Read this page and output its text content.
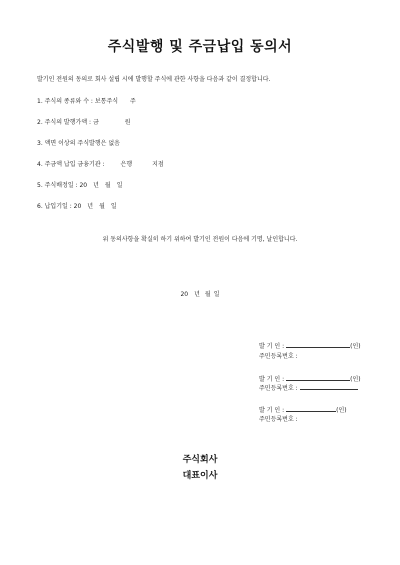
주식발행 및 주금납입 동의서
발기인 전원의 동의로 회사 설립 시에 발행할 주식에 관한 사항을 다음과 같이 결정합니다.
1. 주식의 종류와 수 : 보통주식 주
2. 주식의 발행가액 : 금	원
3. 액면 이상의 주식발행은 없음
4. 주금액 납입 금융기관 :	은행	지점
5. 주식배정일 : 20 년 월 일
6. 납입기일 : 20 년 월 일
위 동의사항을 확실히 하기 위하여 발기인 전원이 다음에 기명, 날인합니다.
20 년 월 일
발 기 인 :	(인)
주민등록번호 :
발 기 인 :	(인)
주민등록번호 :
발 기 인 :	(인)
주민등록번호 :
주식회사
대표이사
